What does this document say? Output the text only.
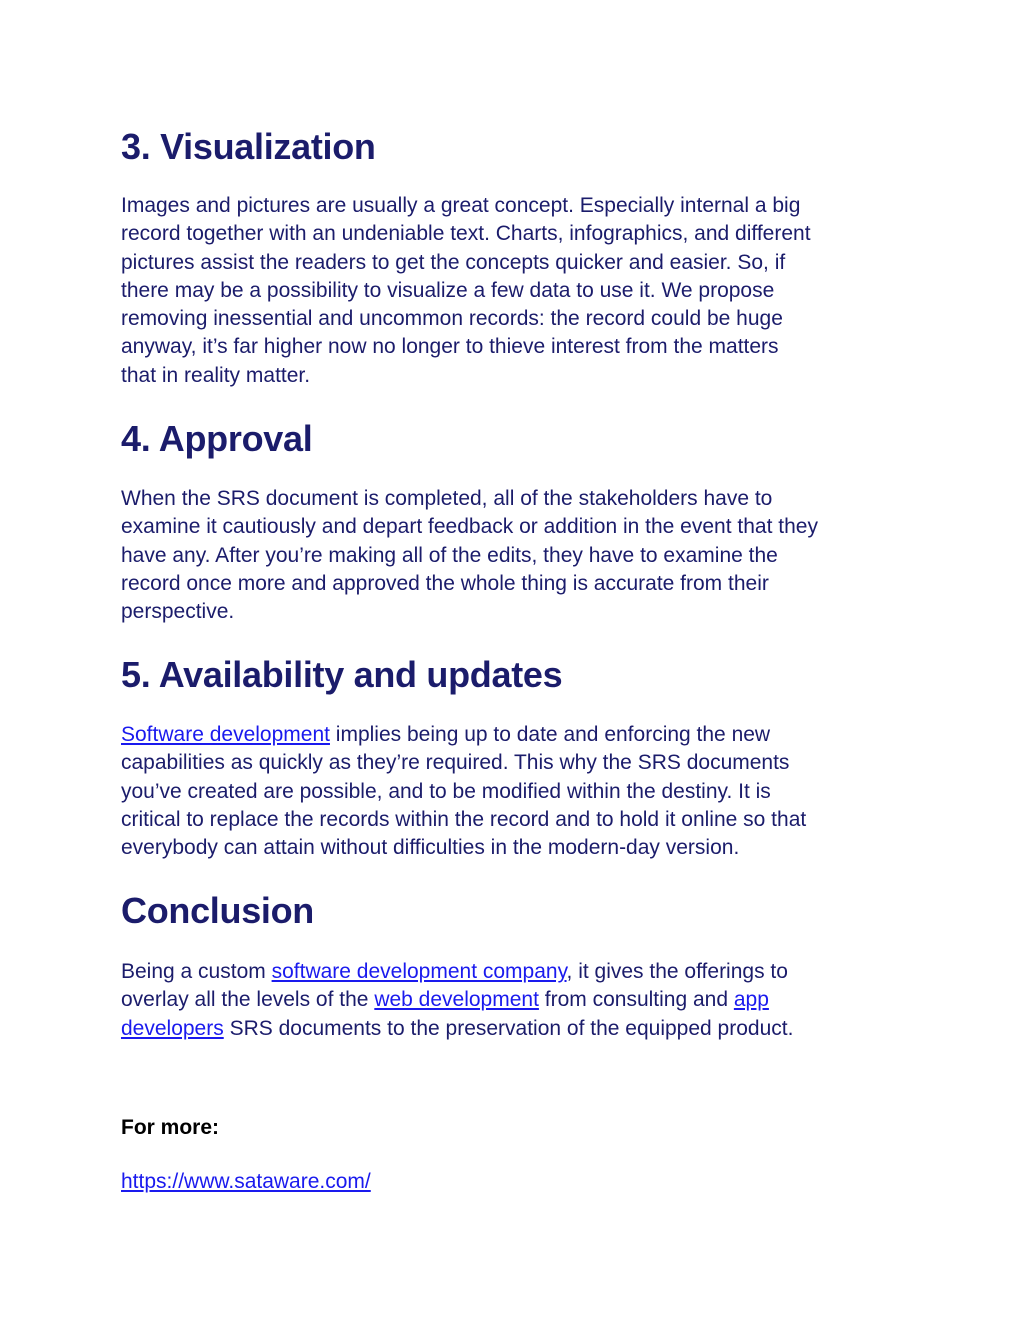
3. Visualization

Images and pictures are usually a great concept. Especially internal a big
record together with an undeniable text. Charts, infographics, and different
pictures assist the readers to get the concepts quicker and easier. So, if
there may be a possibility to visualize a few data to use it. We propose
removing inessential and uncommon records: the record could be huge
anyway, it’s far higher now no longer to thieve interest from the matters
that in reality matter.

4. Approval

When the SRS document is completed, all of the stakeholders have to
examine it cautiously and depart feedback or addition in the event that they
have any. After you’re making all of the edits, they have to examine the
record once more and approved the whole thing is accurate from their
perspective.

5. Availability and updates

Software development implies being up to date and enforcing the new
capabilities as quickly as they’re required. This why the SRS documents
you’ve created are possible, and to be modified within the destiny. It is
critical to replace the records within the record and to hold it online so that
everybody can attain without difficulties in the modern-day version.

Conclusion

Being a custom software development company, it gives the offerings to
overlay all the levels of the web development from consulting and app
developers SRS documents to the preservation of the equipped product.

For more:

https://www.sataware.com/
